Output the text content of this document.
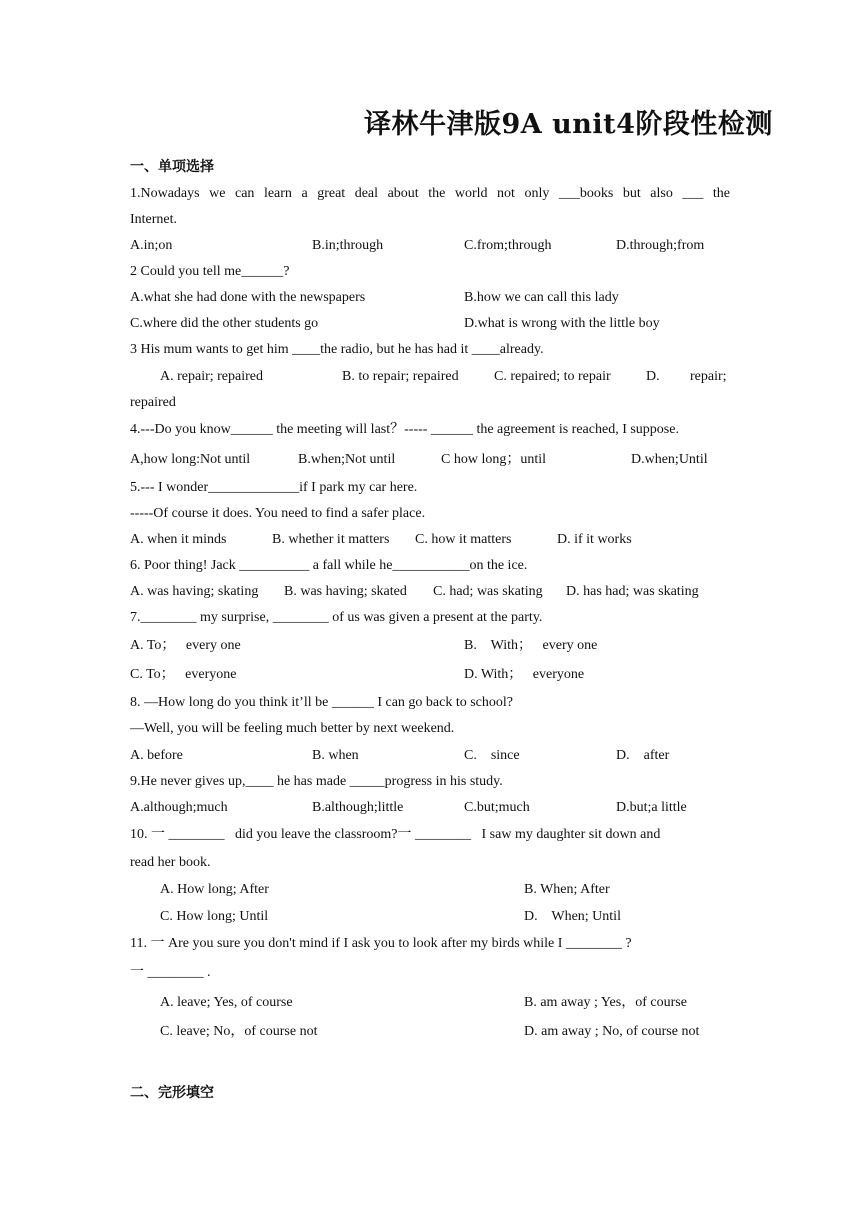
译林牛津版9A unit4阶段性检测
一、单项选择
1.Nowadays we can learn a great deal about the world not only ___books but also ___ the
Internet.
A.in;on	B.in;through	C.from;through	D.through;from
2 Could you tell me______?
A.what she had done with the newspapers	B.how we can call this lady
C.where did the other students go	D.what is wrong with the little boy
3 His mum wants to get him ____the radio, but he has had it ____already.
A. repair; repaired	B. to repair; repaired	C. repaired; to repair	D. repair;
repaired
4.---Do you know______ the meeting will last？----- ______ the agreement is reached, I suppose.
A,how long:Not until	B.when;Not until	C how long；until	D.when;Until
5.--- I wonder_____________if I park my car here.
-----Of course it does. You need to find a safer place.
A. when it minds	B. whether it matters C. how it matters	D. if it works
6. Poor thing! Jack __________ a fall while he___________on the ice.
A. was having; skating B. was having; skated C. had; was skating D. has had; was skating
7.________ my surprise, ________ of us was given a present at the party.
A. To；   every one	B.    With；   every one
C. To；   everyone	D. With；   everyone
8. —How long do you think it’ll be ______ I can go back to school?
—Well, you will be feeling much better by next weekend.
A. before	B. when	C.    since	D.    after
9.He never gives up,____ he has made _____progress in his study.
A.although;much	B.although;little	C.but;much	D.but;a little
10. 一 ________   did you leave the classroom?一 ________   I saw my daughter sit down and
read her book.
A. How long; After	B. When; After
C. How long; Until	D.    When; Until
11. 一 Are you sure you don't mind if I ask you to look after my birds while I ________ ?
一 ________ .
A. leave; Yes, of course	B. am away ; Yes，of course
C. leave; No，of course not	D. am away ; No, of course not
二、完形填空
